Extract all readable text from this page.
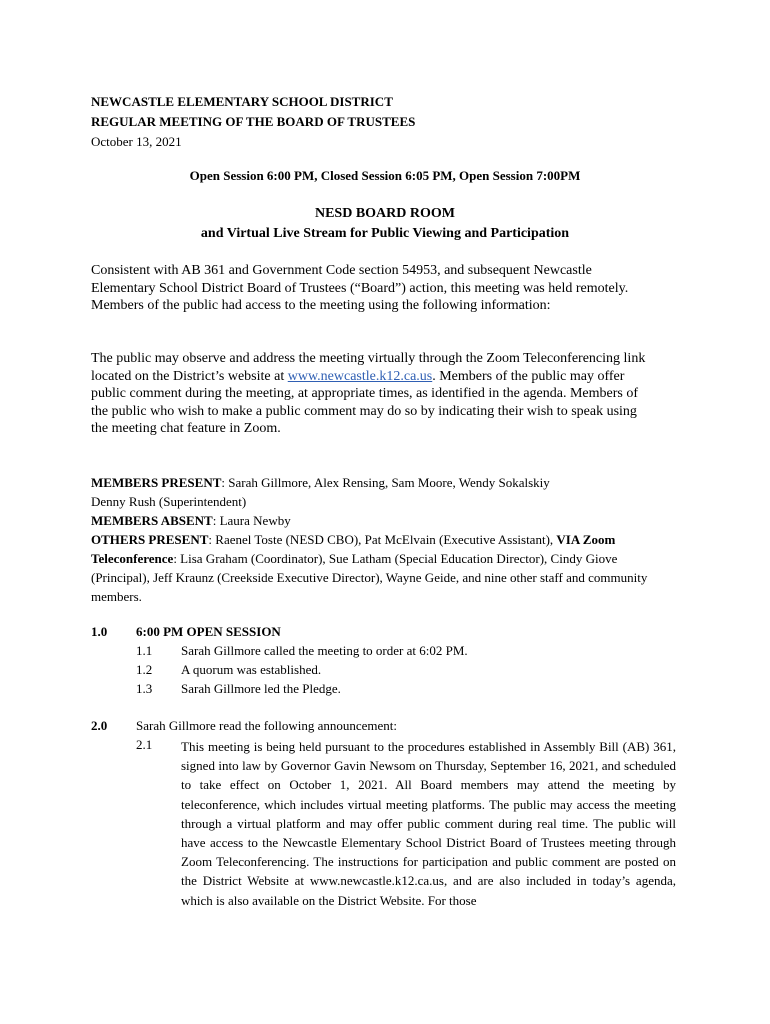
NEWCASTLE ELEMENTARY SCHOOL DISTRICT
REGULAR MEETING OF THE BOARD OF TRUSTEES
October 13, 2021
Open Session 6:00 PM, Closed Session 6:05 PM, Open Session 7:00PM
NESD BOARD ROOM
and Virtual Live Stream for Public Viewing and Participation
Consistent with AB 361 and Government Code section 54953, and subsequent Newcastle Elementary School District Board of Trustees (“Board”) action, this meeting was held remotely. Members of the public had access to the meeting using the following information:
The public may observe and address the meeting virtually through the Zoom Teleconferencing link located on the District’s website at www.newcastle.k12.ca.us. Members of the public may offer public comment during the meeting, at appropriate times, as identified in the agenda. Members of the public who wish to make a public comment may do so by indicating their wish to speak using the meeting chat feature in Zoom.
MEMBERS PRESENT: Sarah Gillmore, Alex Rensing, Sam Moore, Wendy Sokalskiy
Denny Rush (Superintendent)
MEMBERS ABSENT: Laura Newby
OTHERS PRESENT: Raenel Toste (NESD CBO), Pat McElvain (Executive Assistant), VIA Zoom Teleconference: Lisa Graham (Coordinator), Sue Latham (Special Education Director), Cindy Giove (Principal), Jeff Kraunz (Creekside Executive Director), Wayne Geide, and nine other staff and community members.
1.0 6:00 PM OPEN SESSION
1.1 Sarah Gillmore called the meeting to order at 6:02 PM.
1.2 A quorum was established.
1.3 Sarah Gillmore led the Pledge.
2.0 Sarah Gillmore read the following announcement:
2.1 This meeting is being held pursuant to the procedures established in Assembly Bill (AB) 361, signed into law by Governor Gavin Newsom on Thursday, September 16, 2021, and scheduled to take effect on October 1, 2021. All Board members may attend the meeting by teleconference, which includes virtual meeting platforms. The public may access the meeting through a virtual platform and may offer public comment during real time. The public will have access to the Newcastle Elementary School District Board of Trustees meeting through Zoom Teleconferencing. The instructions for participation and public comment are posted on the District Website at www.newcastle.k12.ca.us, and are also included in today’s agenda, which is also available on the District Website. For those
